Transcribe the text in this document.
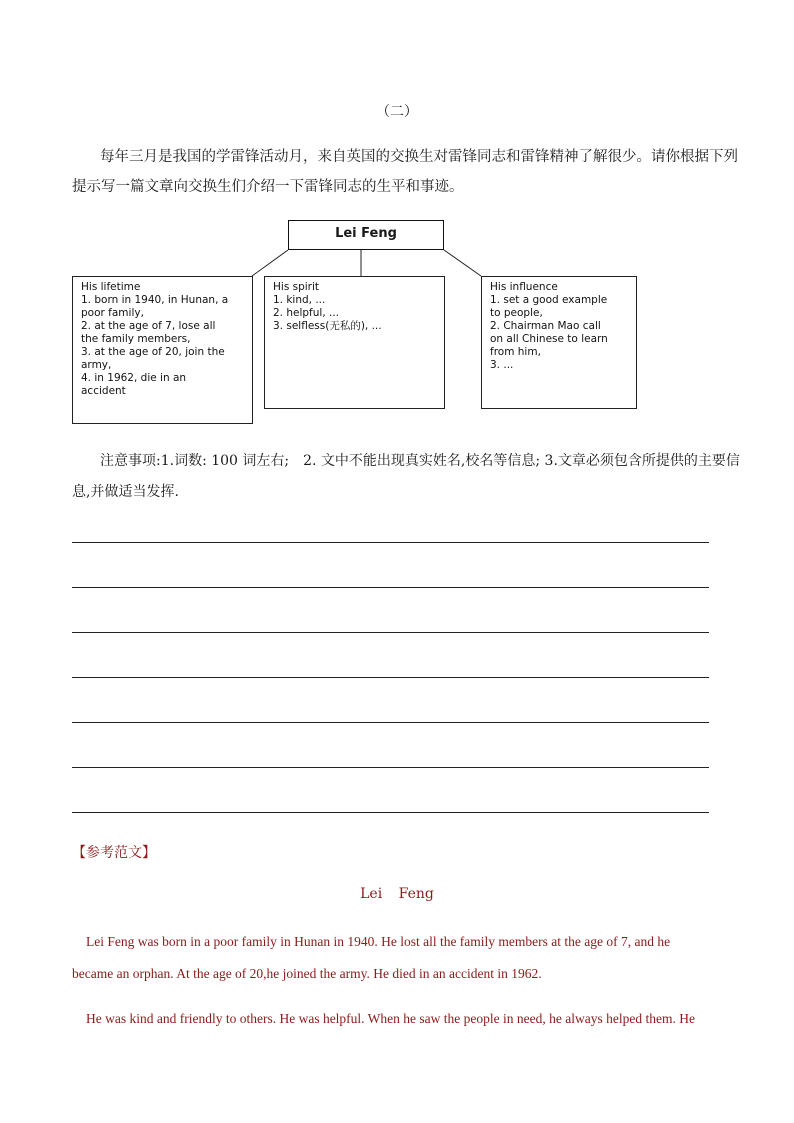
（二）
每年三月是我国的学雷锋活动月，来自英国的交换生对雷锋同志和雷锋精神了解很少。请你根据下列
提示写一篇文章向交换生们介绍一下雷锋同志的生平和事迹。
Lei Feng
His lifetime
1. born in 1940, in Hunan, a
poor family,
2. at the age of 7, lose all
the family members,
3. at the age of 20, join the
army,
4. in 1962, die in an
accident
His spirit
1. kind, ...
2. helpful, ...
3. selfless(无私的), ...
His influence
1. set a good example
to people,
2. Chairman Mao call
on all Chinese to learn
from him,
3. ...
注意事项:1.词数: 100 词左右;　2. 文中不能出现真实姓名,校名等信息; 3.文章必须包含所提供的主要信
息,并做适当发挥.
【参考范文】
Lei Feng
Lei Feng was born in a poor family in Hunan in 1940. He lost all the family members at the age of 7, and he
became an orphan. At the age of 20,he joined the army. He died in an accident in 1962.
He was kind and friendly to others. He was helpful. When he saw the people in need, he always helped them. He
